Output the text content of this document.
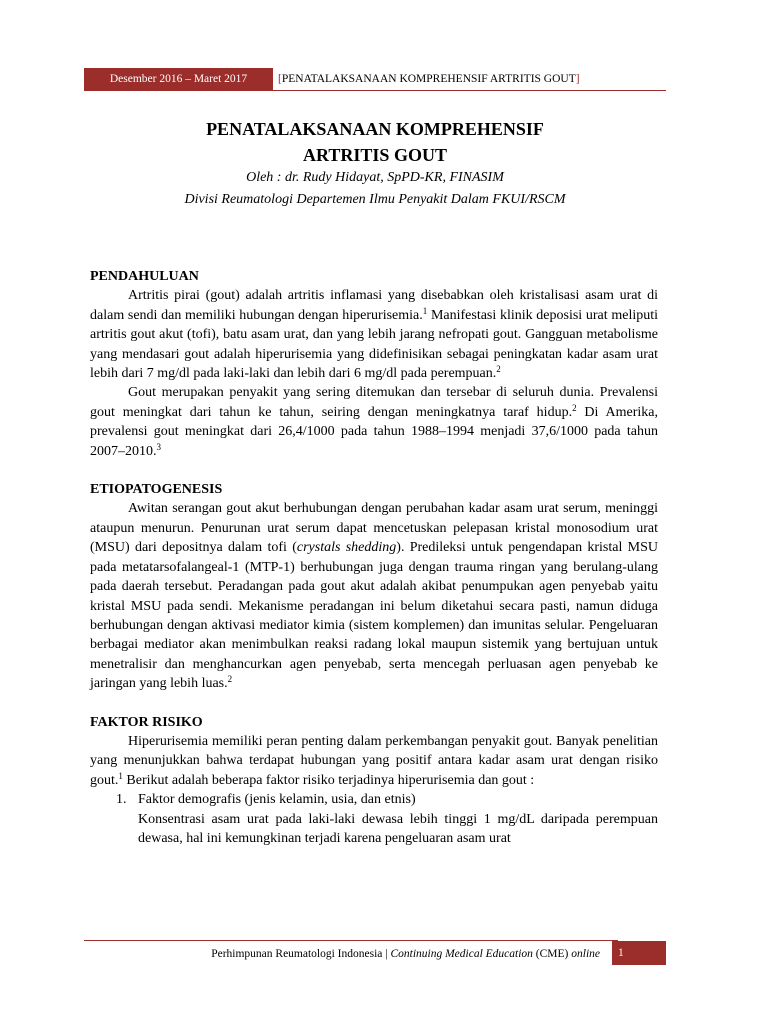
Desember 2016 – Maret 2017	[PENATALAKSANAAN KOMPREHENSIF ARTRITIS GOUT]
PENATALAKSANAAN KOMPREHENSIF
ARTRITIS GOUT
Oleh : dr. Rudy Hidayat, SpPD-KR, FINASIM
Divisi Reumatologi Departemen Ilmu Penyakit Dalam FKUI/RSCM

PENDAHULUAN

Artritis pirai (gout) adalah artritis inflamasi yang disebabkan oleh kristalisasi asam urat di dalam sendi dan memiliki hubungan dengan hiperurisemia.$^1$ Manifestasi klinik deposisi urat meliputi artritis gout akut (tofi), batu asam urat, dan yang lebih jarang nefropati gout. Gangguan metabolisme yang mendasari gout adalah hiperurisemia yang didefinisikan sebagai peningkatan kadar asam urat lebih dari 7 mg/dl pada laki-laki dan lebih dari 6 mg/dl pada perempuan.$^2$

Gout merupakan penyakit yang sering ditemukan dan tersebar di seluruh dunia. Prevalensi gout meningkat dari tahun ke tahun, seiring dengan meningkatnya taraf hidup.$^2$ Di Amerika, prevalensi gout meningkat dari 26,4/1000 pada tahun 1988–1994 menjadi 37,6/1000 pada tahun 2007–2010.$^3$

ETIOPATOGENESIS

Awitan serangan gout akut berhubungan dengan perubahan kadar asam urat serum, meninggi ataupun menurun. Penurunan urat serum dapat mencetuskan pelepasan kristal monosodium urat (MSU) dari depositnya dalam tofi (crystals shedding). Predileksi untuk pengendapan kristal MSU pada metatarsofalangeal-1 (MTP-1) berhubungan juga dengan trauma ringan yang berulang-ulang pada daerah tersebut. Peradangan pada gout akut adalah akibat penumpukan agen penyebab yaitu kristal MSU pada sendi. Mekanisme peradangan ini belum diketahui secara pasti, namun diduga berhubungan dengan aktivasi mediator kimia (sistem komplemen) dan imunitas selular. Pengeluaran berbagai mediator akan menimbulkan reaksi radang lokal maupun sistemik yang bertujuan untuk menetralisir dan menghancurkan agen penyebab, serta mencegah perluasan agen penyebab ke jaringan yang lebih luas.$^2$

FAKTOR RISIKO

Hiperurisemia memiliki peran penting dalam perkembangan penyakit gout. Banyak penelitian yang menunjukkan bahwa terdapat hubungan yang positif antara kadar asam urat dengan risiko gout.$^1$ Berikut adalah beberapa faktor risiko terjadinya hiperurisemia dan gout :

1. Faktor demografis (jenis kelamin, usia, dan etnis)

Konsentrasi asam urat pada laki-laki dewasa lebih tinggi 1 mg/dL daripada perempuan dewasa, hal ini kemungkinan terjadi karena pengeluaran asam urat

Perhimpunan Reumatologi Indonesia | Continuing Medical Education (CME) online	1
